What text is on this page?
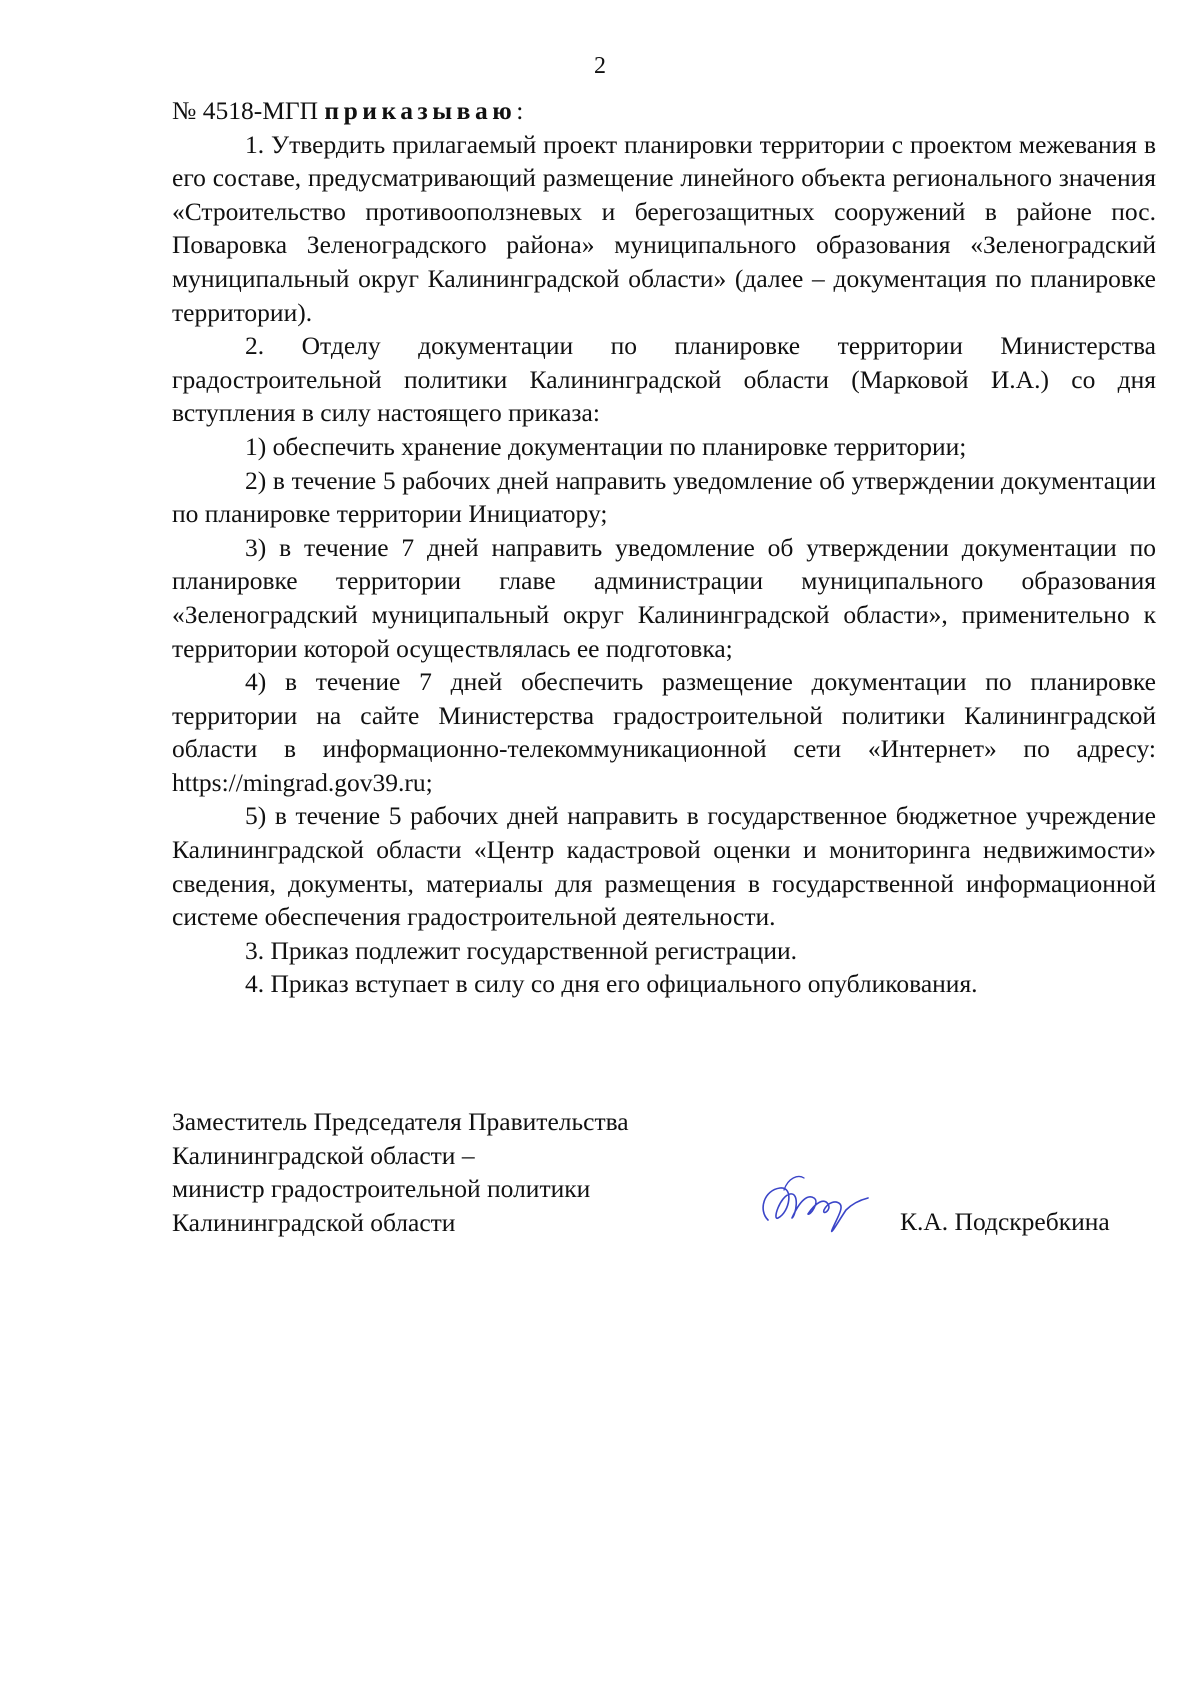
2

№ 4518-МГП приказываю:

1. Утвердить прилагаемый проект планировки территории с проектом межевания в его составе, предусматривающий размещение линейного объекта регионального значения «Строительство противооползневых и берегозащитных сооружений в районе пос. Поваровка Зеленоградского района» муниципального образования «Зеленоградский муниципальный округ Калининградской области» (далее – документация по планировке территории).

2. Отделу документации по планировке территории Министерства градостроительной политики Калининградской области (Марковой И.А.) со дня вступления в силу настоящего приказа:

1) обеспечить хранение документации по планировке территории;

2) в течение 5 рабочих дней направить уведомление об утверждении документации по планировке территории Инициатору;

3) в течение 7 дней направить уведомление об утверждении документации по планировке территории главе администрации муниципального образования «Зеленоградский муниципальный округ Калининградской области», применительно к территории которой осуществлялась ее подготовка;

4) в течение 7 дней обеспечить размещение документации по планировке территории на сайте Министерства градостроительной политики Калининградской области в информационно-телекоммуникационной сети «Интернет» по адресу: https://mingrad.gov39.ru;

5) в течение 5 рабочих дней направить в государственное бюджетное учреждение Калининградской области «Центр кадастровой оценки и мониторинга недвижимости» сведения, документы, материалы для размещения в государственной информационной системе обеспечения градостроительной деятельности.

3. Приказ подлежит государственной регистрации.

4. Приказ вступает в силу со дня его официального опубликования.

Заместитель Председателя Правительства
Калининградской области –
министр градостроительной политики
Калининградской области	К.А. Подскребкина
